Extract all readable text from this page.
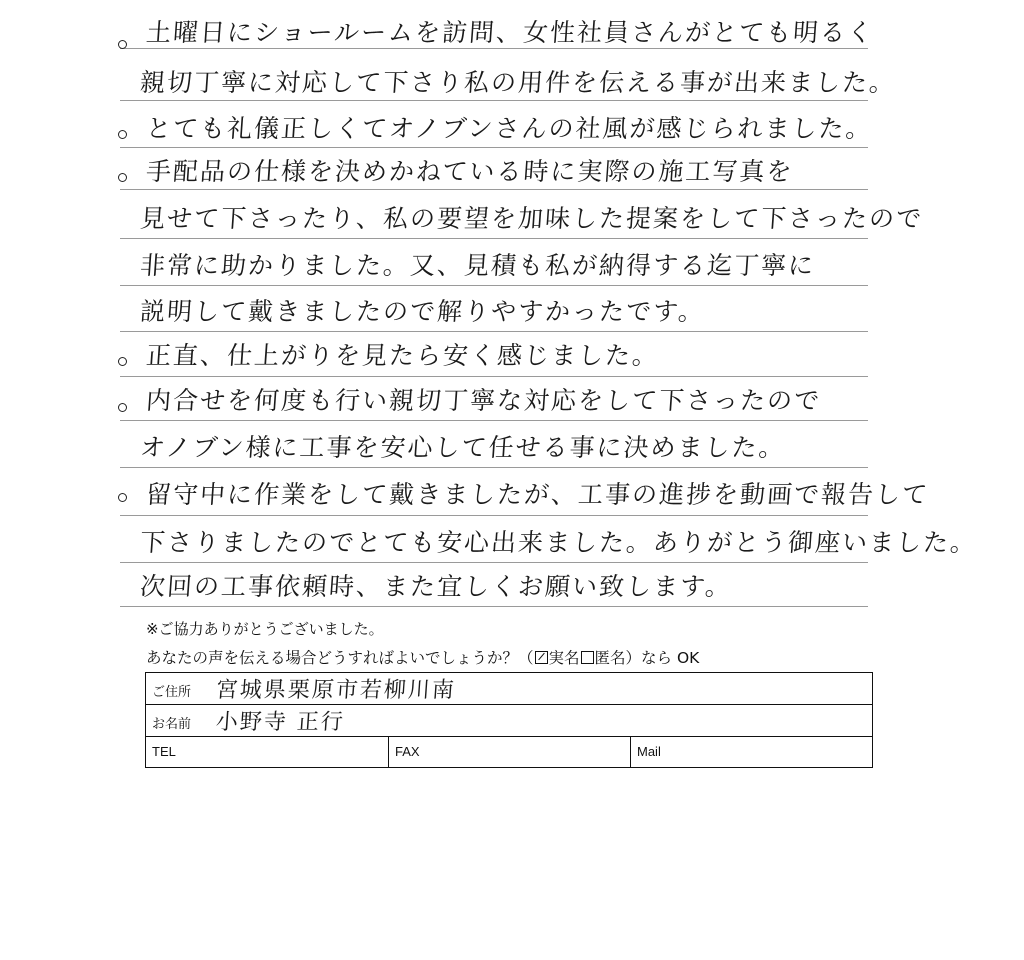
土曜日にショールームを訪問、女性社員さんがとても明るく
親切丁寧に対応して下さり私の用件を伝える事が出来ました。
とても礼儀正しくてオノブンさんの社風が感じられました。
手配品の仕様を決めかねている時に実際の施工写真を
見せて下さったり、私の要望を加味した提案をして下さったので
非常に助かりました。又、見積も私が納得する迄丁寧に
説明して戴きましたので解りやすかったです。
正直、仕上がりを見たら安く感じました。
内合せを何度も行い親切丁寧な対応をして下さったので
オノブン様に工事を安心して任せる事に決めました。
留守中に作業をして戴きましたが、工事の進捗を動画で報告して
下さりましたのでとても安心出来ました。ありがとう御座いました。
次回の工事依頼時、また宜しくお願い致します。
※ご協力ありがとうございました。
あなたの声を伝える場合どうすればよいでしょうか？（ 実名 匿名）なら OK
ご住所 宮城県栗原市若柳川南
お名前 小野寺 正行
TEL	FAX	Mail
